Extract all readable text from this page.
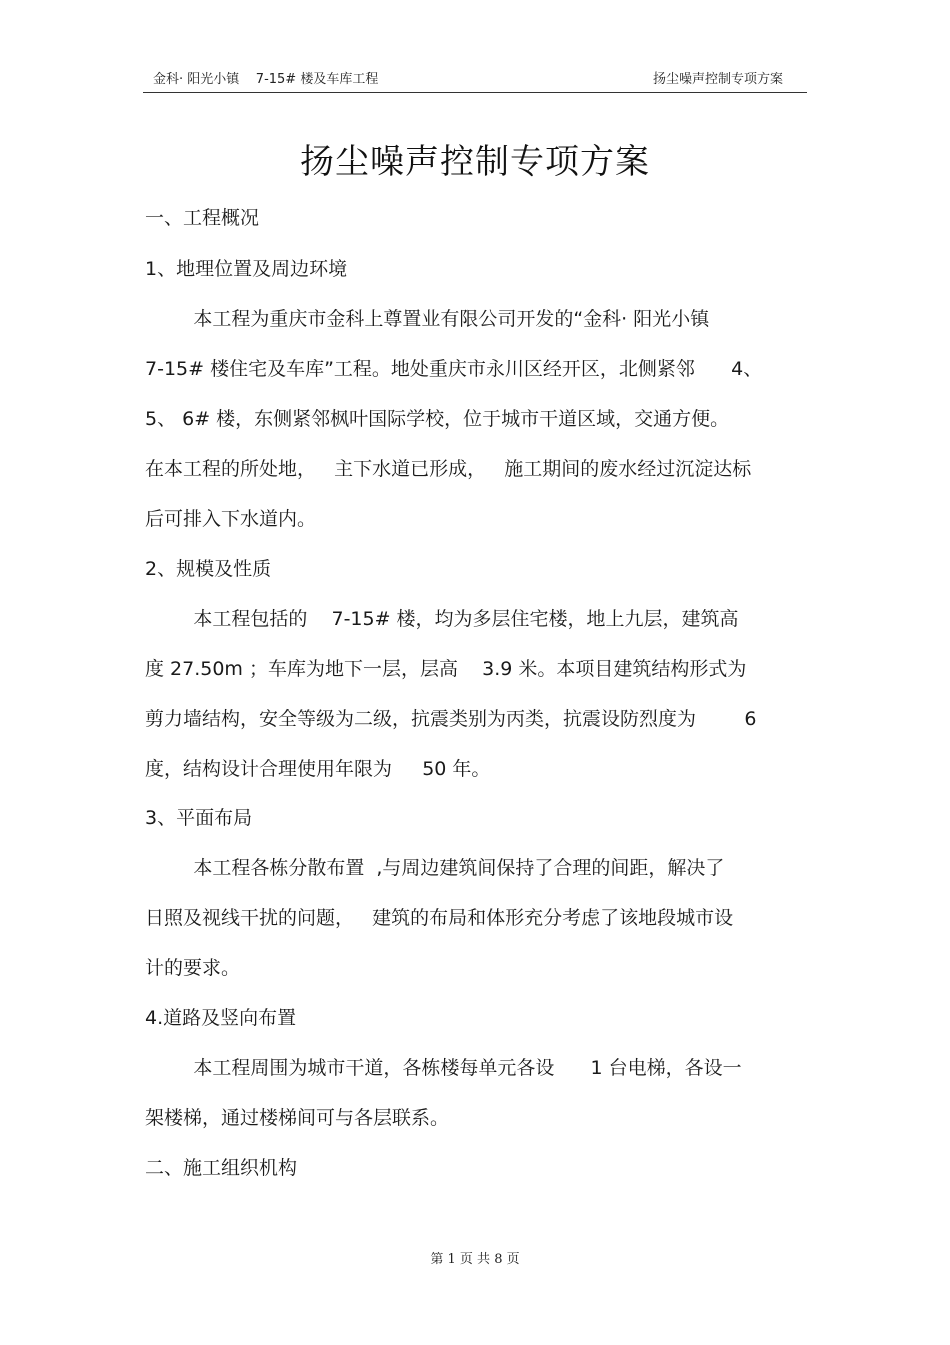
金科· 阳光小镇    7-15# 楼及车库工程	扬尘噪声控制专项方案
扬尘噪声控制专项方案
一、工程概况
1、地理位置及周边环境
本工程为重庆市金科上尊置业有限公司开发的“金科· 阳光小镇
7-15# 楼住宅及车库”工程。地处重庆市永川区经开区，北侧紧邻      4、
5、 6# 楼，东侧紧邻枫叶国际学校，位于城市干道区域，交通方便。
在本工程的所处地，   主下水道已形成，   施工期间的废水经过沉淀达标
后可排入下水道内。
2、规模及性质
本工程包括的    7-15# 楼，均为多层住宅楼，地上九层，建筑高
度 27.50m ；车库为地下一层，层高    3.9 米。本项目建筑结构形式为
剪力墙结构，安全等级为二级，抗震类别为丙类，抗震设防烈度为        6
度，结构设计合理使用年限为     50 年。
3、平面布局
本工程各栋分散布置  ,与周边建筑间保持了合理的间距，解决了
日照及视线干扰的问题，   建筑的布局和体形充分考虑了该地段城市设
计的要求。
4.道路及竖向布置
本工程周围为城市干道，各栋楼每单元各设      1 台电梯，各设一
架楼梯，通过楼梯间可与各层联系。
二、施工组织机构
第 1 页 共 8 页
